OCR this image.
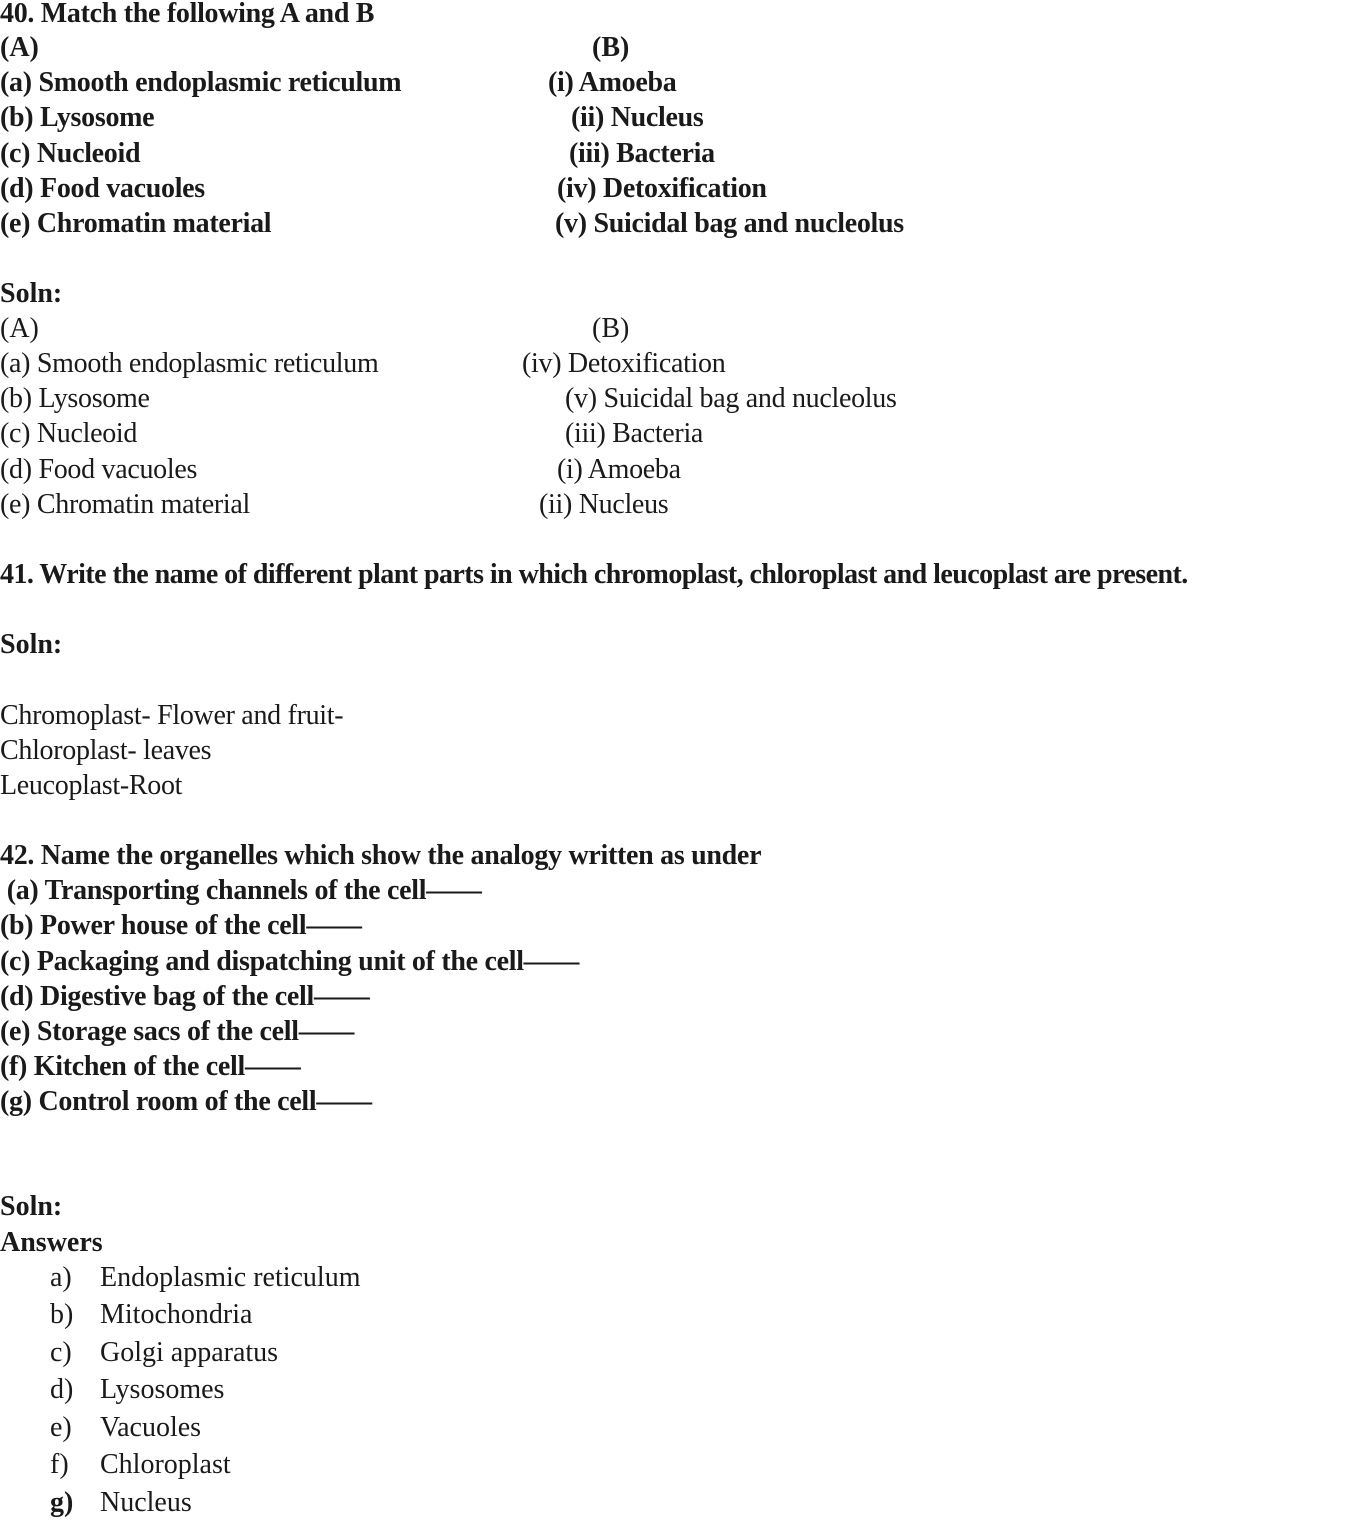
40. Match the following A and B
(A)	(B)
(a) Smooth endoplasmic reticulum
(b) Lysosome
(c) Nucleoid
(d) Food vacuoles
(e) Chromatin material
(i) Amoeba
(ii) Nucleus
(iii) Bacteria
(iv) Detoxification
(v) Suicidal bag and nucleolus
Soln:
(A)	(B)
(a) Smooth endoplasmic reticulum
(b) Lysosome
(c) Nucleoid
(d) Food vacuoles
(e) Chromatin material
(iv) Detoxification
(v) Suicidal bag and nucleolus
(iii) Bacteria
(i) Amoeba
(ii) Nucleus
41. Write the name of different plant parts in which chromoplast, chloroplast and leucoplast are present.
Soln:
Chromoplast- Flower and fruit-
Chloroplast- leaves
Leucoplast-Root
42. Name the organelles which show the analogy written as under
(a) Transporting channels of the cell——
(b) Power house of the cell——
(c) Packaging and dispatching unit of the cell——
(d) Digestive bag of the cell——
(e) Storage sacs of the cell——
(f) Kitchen of the cell——
(g) Control room of the cell——
Soln:
Answers
a) Endoplasmic reticulum
b) Mitochondria
c) Golgi apparatus
d) Lysosomes
e) Vacuoles
f) Chloroplast
g) Nucleus
